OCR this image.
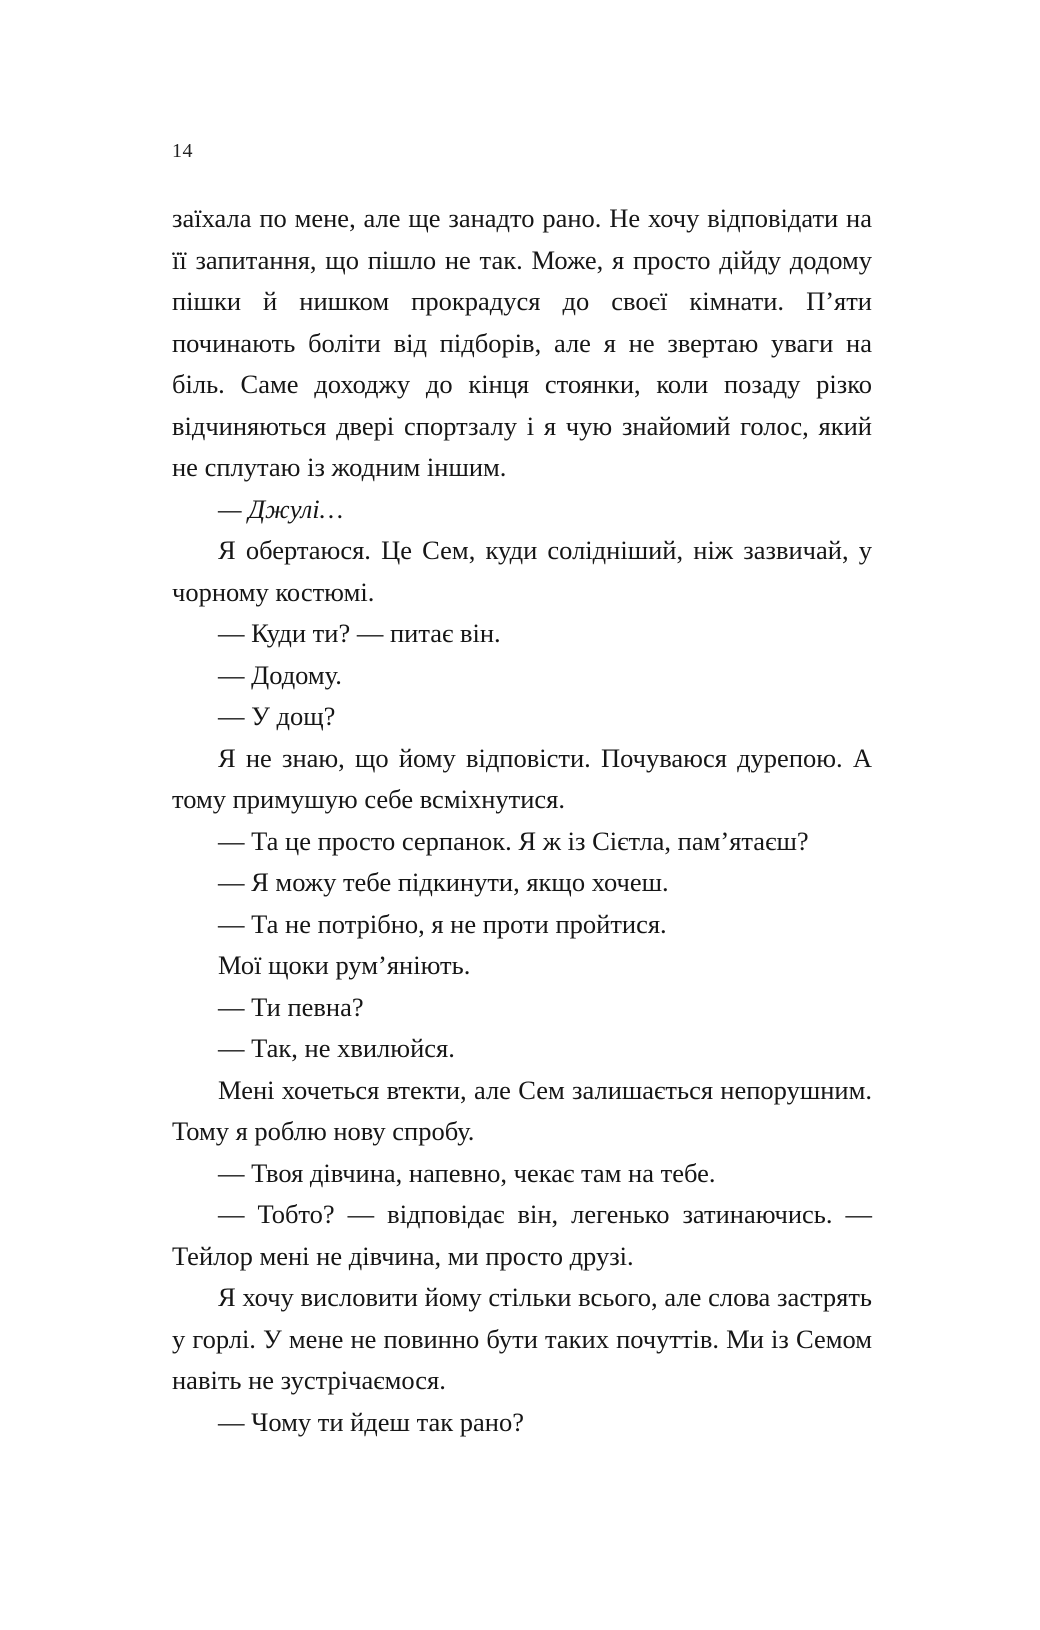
14

заїхала по мене, але ще занадто рано. Не хочу відповідати на її запитання, що пішло не так. Може, я просто дійду додому пішки й нишком прокрадуся до своєї кімнати. П’яти починають боліти від підборів, але я не звертаю уваги на біль. Саме доходжу до кінця стоянки, коли позаду різко відчиняються двері спортзалу і я чую знайомий голос, який не сплутаю із жодним іншим.

— Джулі…

Я обертаюся. Це Сем, куди солідніший, ніж зазвичай, у чорному костюмі.

— Куди ти? — питає він.

— Додому.

— У дощ?

Я не знаю, що йому відповісти. Почуваюся дурепою. А тому примушую себе всміхнутися.

— Та це просто серпанок. Я ж із Сієтла, пам’ятаєш?

— Я можу тебе підкинути, якщо хочеш.

— Та не потрібно, я не проти пройтися.

Мої щоки рум’яніють.

— Ти певна?

— Так, не хвилюйся.

Мені хочеться втекти, але Сем залишається непорушним. Тому я роблю нову спробу.

— Твоя дівчина, напевно, чекає там на тебе.

— Тобто? — відповідає він, легенько затинаючись. — Тейлор мені не дівчина, ми просто друзі.

Я хочу висловити йому стільки всього, але слова застрять у горлі. У мене не повинно бути таких почуттів. Ми із Семом навіть не зустрічаємося.

— Чому ти йдеш так рано?
